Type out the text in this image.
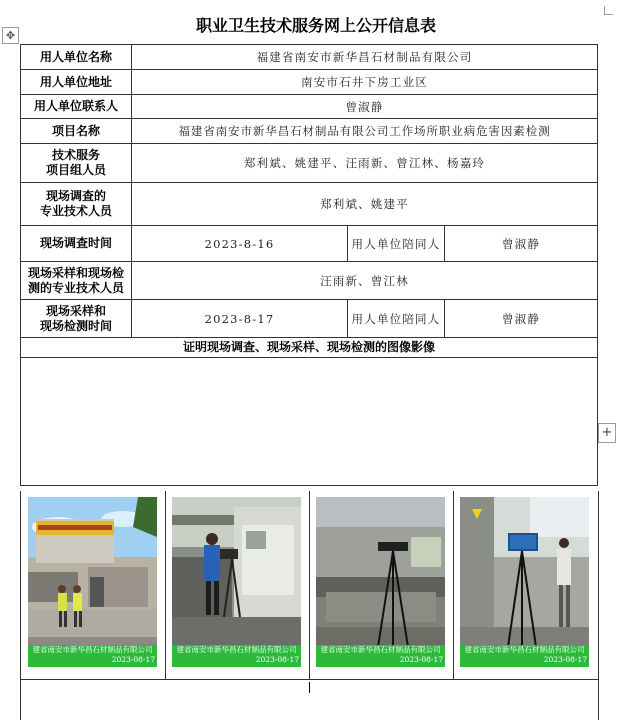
✥
+
职业卫生技术服务网上公开信息表
用人单位名称	福建省南安市新华昌石材制品有限公司		
用人单位地址	南安市石井下房工业区		
用人单位联系人	曾淑静		
项目名称	福建省南安市新华昌石材制品有限公司工作场所职业病危害因素检测		
技术服务
项目组人员	郑利斌、姚建平、汪雨新、曾江林、杨嘉玲		
现场调查的
专业技术人员	郑利斌、姚建平		
现场调查时间	2023-8-16	用人单位陪同人	曾淑静
现场采样和现场检
测的专业技术人员	汪雨新、曾江林		
现场采样和
现场检测时间	2023-8-17	用人单位陪同人	曾淑静
证明现场调查、现场采样、现场检测的图像影像			

建省南安市新华昌石材制品有限公司
2023-08-17
建省南安市新华昌石材制品有限公司
2023-08-17
建省南安市新华昌石材制品有限公司
2023-08-17
建省南安市新华昌石材制品有限公司
2023-08-17
